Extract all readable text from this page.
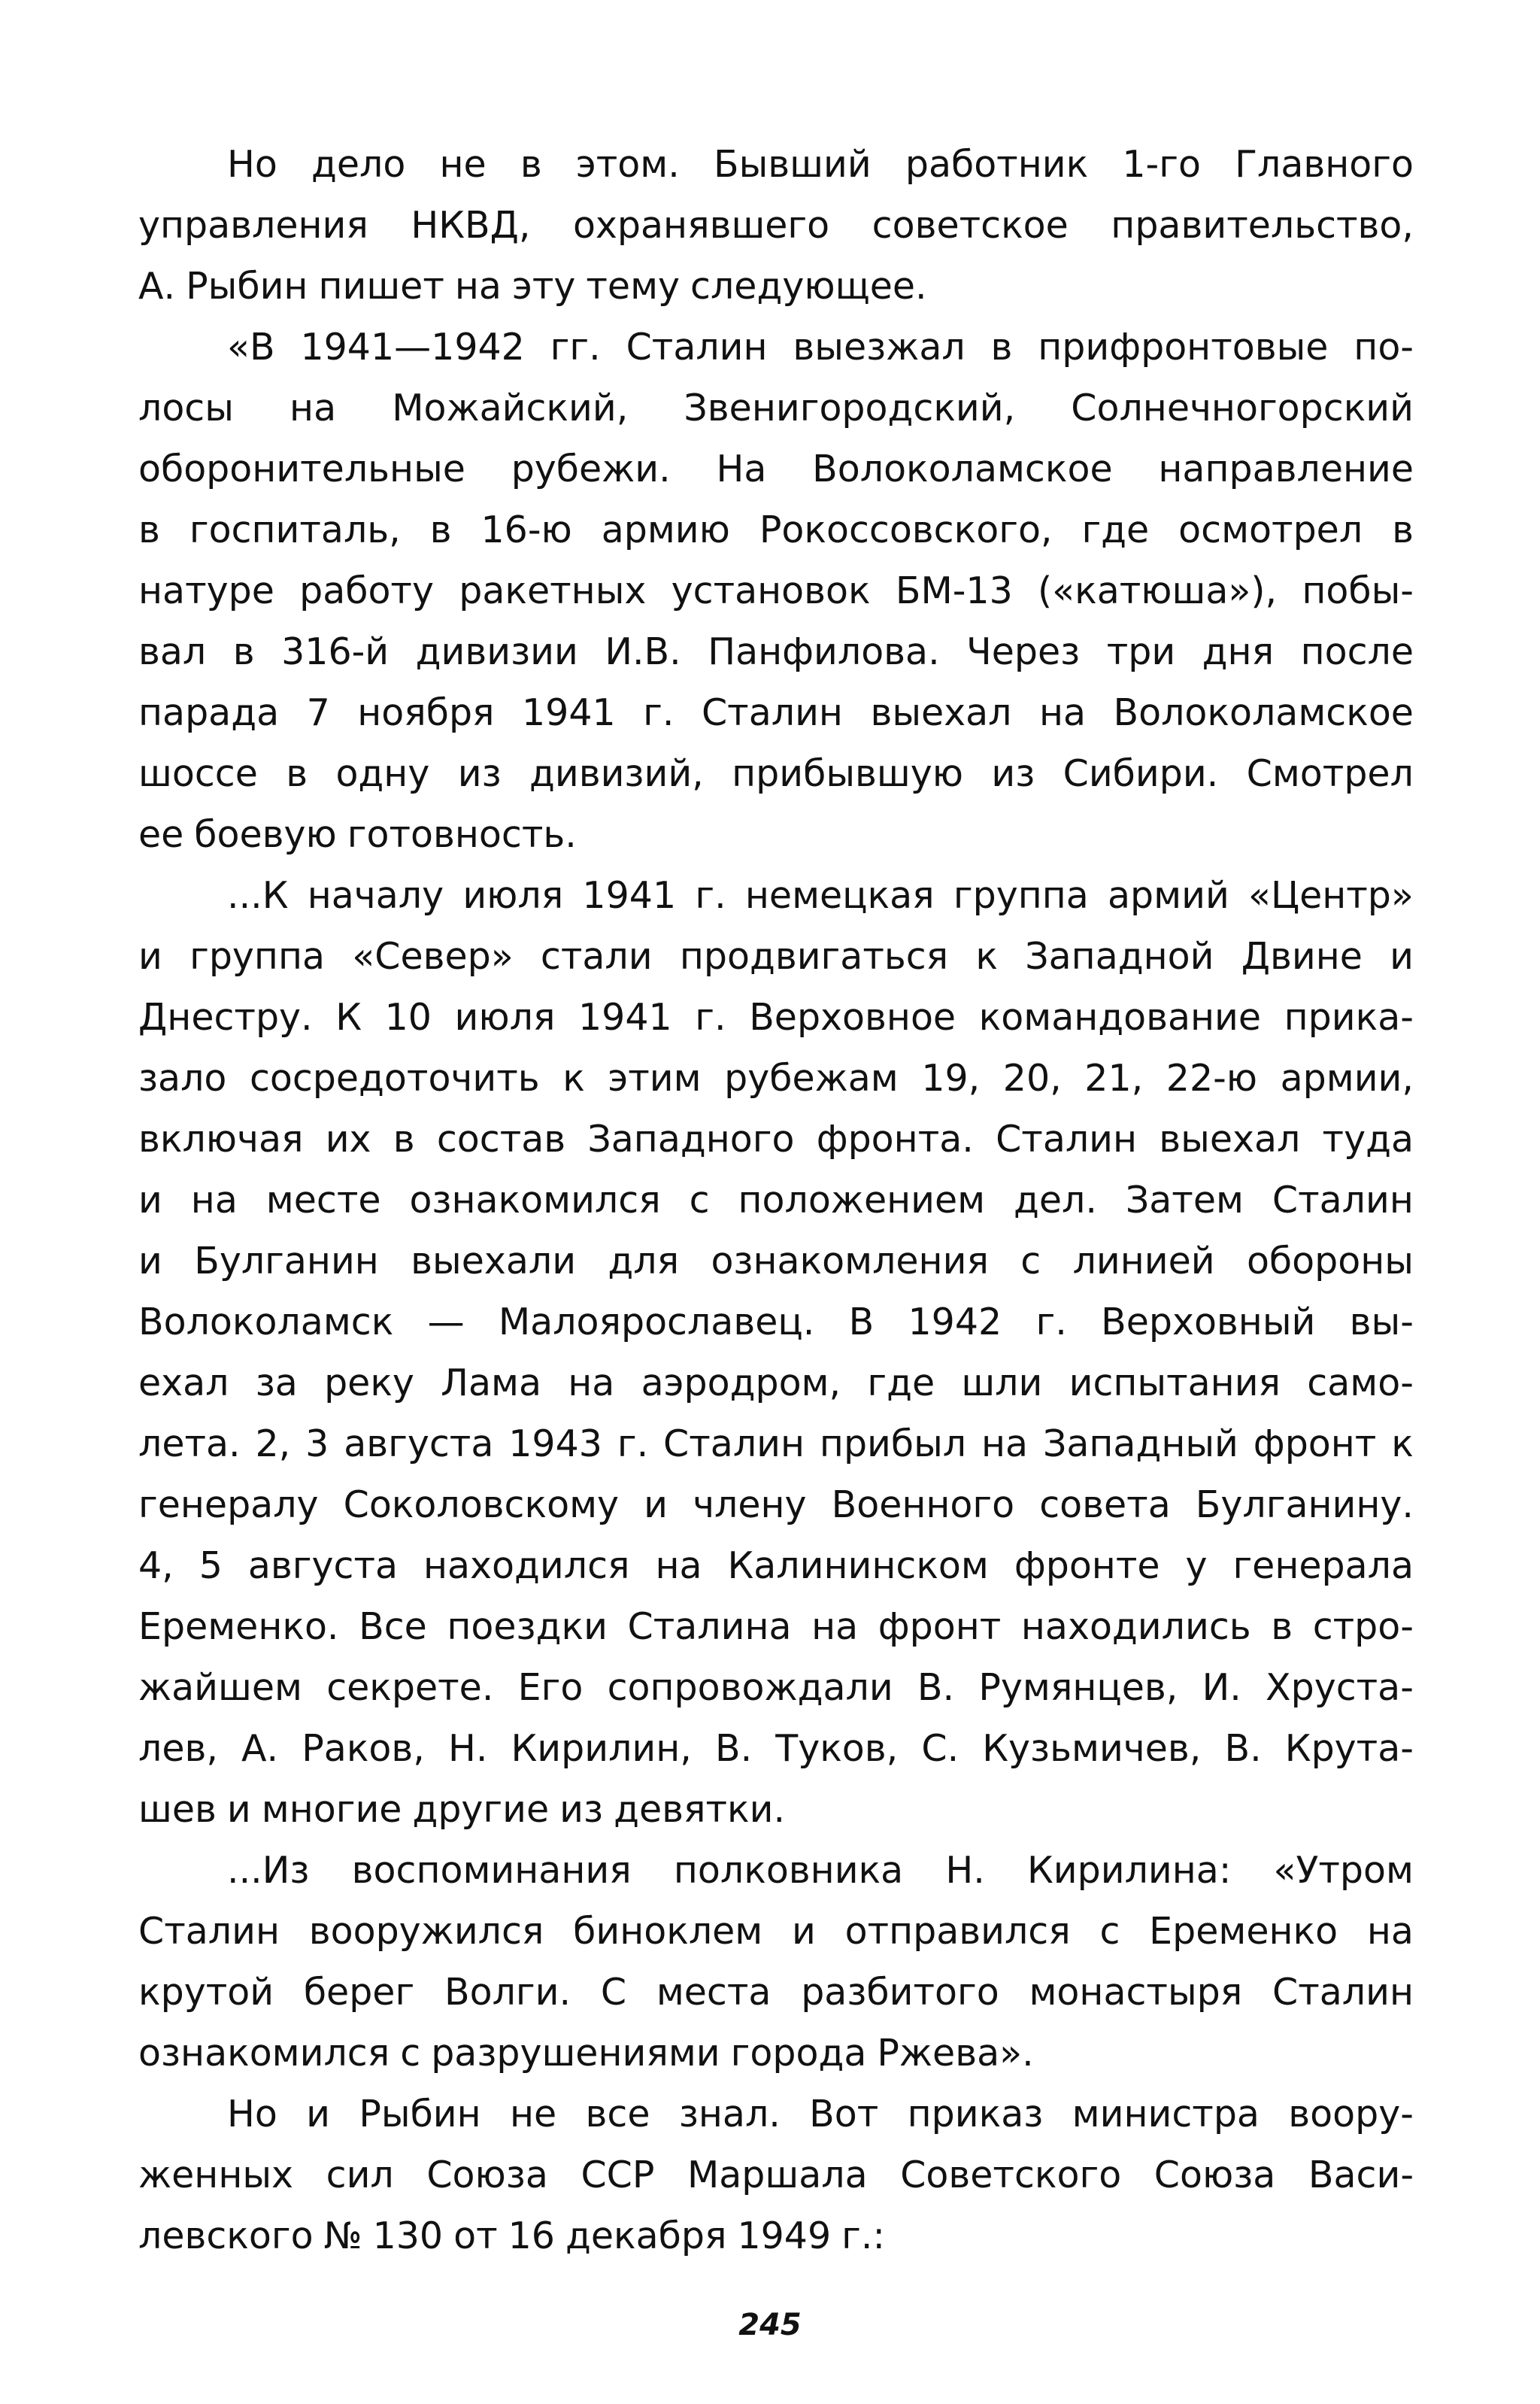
Но дело не в этом. Бывший работник 1-го Главного
управления НКВД, охранявшего советское правительство,
А. Рыбин пишет на эту тему следующее.
«В 1941—1942 гг. Сталин выезжал в прифронтовые по-
лосы на Можайский, Звенигородский, Солнечногорский
оборонительные рубежи. На Волоколамское направление
в госпиталь, в 16-ю армию Рокоссовского, где осмотрел в
натуре работу ракетных установок БМ-13 («катюша»), побы-
вал в 316-й дивизии И.В. Панфилова. Через три дня после
парада 7 ноября 1941 г. Сталин выехал на Волоколамское
шоссе в одну из дивизий, прибывшую из Сибири. Смотрел
ее боевую готовность.
...К началу июля 1941 г. немецкая группа армий «Центр»
и группа «Север» стали продвигаться к Западной Двине и
Днестру. К 10 июля 1941 г. Верховное командование прика-
зало сосредоточить к этим рубежам 19, 20, 21, 22-ю армии,
включая их в состав Западного фронта. Сталин выехал туда
и на месте ознакомился с положением дел. Затем Сталин
и Булганин выехали для ознакомления с линией обороны
Волоколамск — Малоярославец. В 1942 г. Верховный вы-
ехал за реку Лама на аэродром, где шли испытания само-
лета. 2, 3 августа 1943 г. Сталин прибыл на Западный фронт к
генералу Соколовскому и члену Военного совета Булганину.
4, 5 августа находился на Калининском фронте у генерала
Еременко. Все поездки Сталина на фронт находились в стро-
жайшем секрете. Его сопровождали В. Румянцев, И. Хруста-
лев, А. Раков, Н. Кирилин, В. Туков, С. Кузьмичев, В. Крута-
шев и многие другие из девятки.
...Из воспоминания полковника Н. Кирилина: «Утром
Сталин вооружился биноклем и отправился с Еременко на
крутой берег Волги. С места разбитого монастыря Сталин
ознакомился с разрушениями города Ржева».
Но и Рыбин не все знал. Вот приказ министра воору-
женных сил Союза ССР Маршала Советского Союза Васи-
левского № 130 от 16 декабря 1949 г.:
245
